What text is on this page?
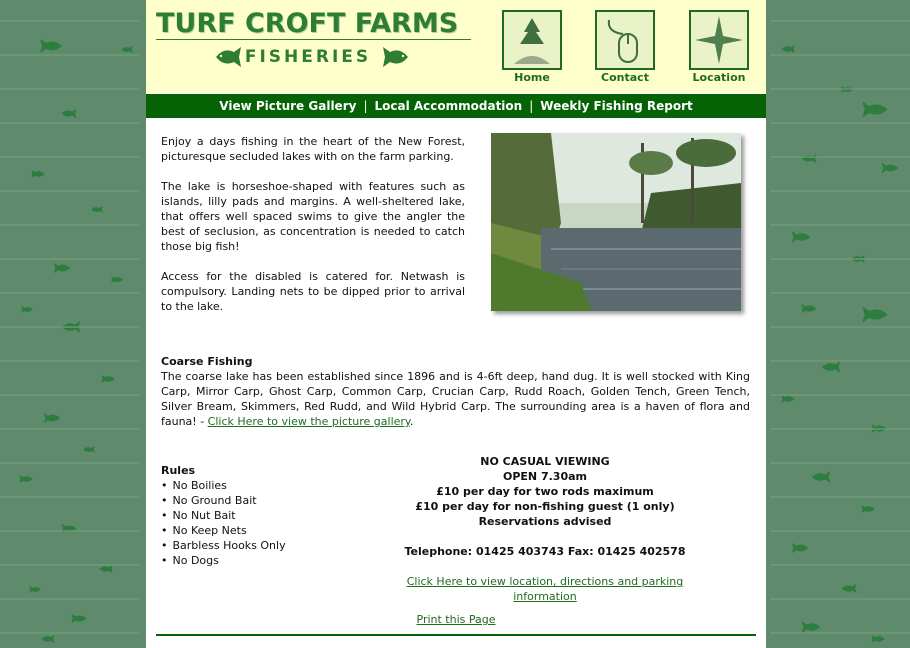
TURF CROFT FARMS
FISHERIES
Home	Contact	Location
View Picture Gallery | Local Accommodation | Weekly Fishing Report
Enjoy a days fishing in the heart of the New Forest, picturesque secluded lakes with on the farm parking.
The lake is horseshoe-shaped with features such as islands, lilly pads and margins. A well-sheltered lake, that offers well spaced swims to give the angler the best of seclusion, as concentration is needed to catch those big fish!
Access for the disabled is catered for. Netwash is compulsory. Landing nets to be dipped prior to arrival to the lake.
Coarse Fishing
The coarse lake has been established since 1896 and is 4-6ft deep, hand dug. It is well stocked with King Carp, Mirror Carp, Ghost Carp, Common Carp, Crucian Carp, Rudd Roach, Golden Tench, Green Tench, Silver Bream, Skimmers, Red Rudd, and Wild Hybrid Carp. The surrounding area is a haven of flora and fauna! - Click Here to view the picture gallery.
Rules
• No Boilies
• No Ground Bait
• No Nut Bait
• No Keep Nets
• Barbless Hooks Only
• No Dogs
NO CASUAL VIEWING
OPEN 7.30am
£10 per day for two rods maximum
£10 per day for non-fishing guest (1 only)
Reservations advised
Telephone: 01425 403743 Fax: 01425 402578
Click Here to view location, directions and parking information
Print this Page
